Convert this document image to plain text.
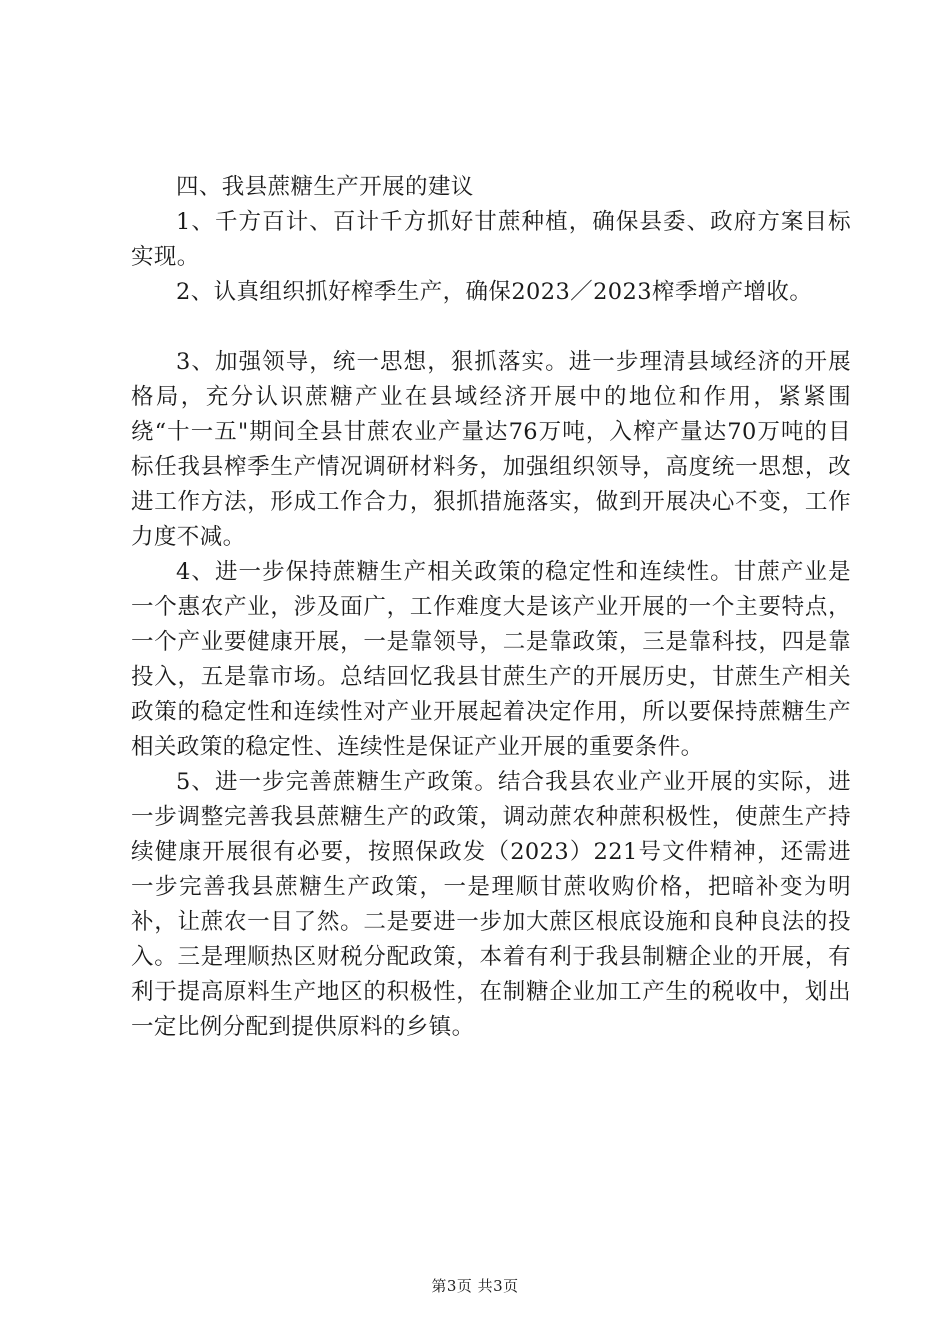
四、我县蔗糖生产开展的建议

1、千方百计、百计千方抓好甘蔗种植，确保县委、政府方案目标实现。

2、认真组织抓好榨季生产，确保2023／2023榨季增产增收。

3、加强领导，统一思想，狠抓落实。进一步理清县域经济的开展格局，充分认识蔗糖产业在县域经济开展中的地位和作用，紧紧围绕“十一五"期间全县甘蔗农业产量达76万吨，入榨产量达70万吨的目标任我县榨季生产情况调研材料务，加强组织领导，高度统一思想，改进工作方法，形成工作合力，狠抓措施落实，做到开展决心不变，工作力度不减。

4、进一步保持蔗糖生产相关政策的稳定性和连续性。甘蔗产业是一个惠农产业，涉及面广，工作难度大是该产业开展的一个主要特点，一个产业要健康开展，一是靠领导，二是靠政策，三是靠科技，四是靠投入，五是靠市场。总结回忆我县甘蔗生产的开展历史，甘蔗生产相关政策的稳定性和连续性对产业开展起着决定作用，所以要保持蔗糖生产相关政策的稳定性、连续性是保证产业开展的重要条件。

5、进一步完善蔗糖生产政策。结合我县农业产业开展的实际，进一步调整完善我县蔗糖生产的政策，调动蔗农种蔗积极性，使蔗生产持续健康开展很有必要，按照保政发（2023）221号文件精神，还需进一步完善我县蔗糖生产政策，一是理顺甘蔗收购价格，把暗补变为明补，让蔗农一目了然。二是要进一步加大蔗区根底设施和良种良法的投入。三是理顺热区财税分配政策，本着有利于我县制糖企业的开展，有利于提高原料生产地区的积极性，在制糖企业加工产生的税收中，划出一定比例分配到提供原料的乡镇。

第3页 共3页
